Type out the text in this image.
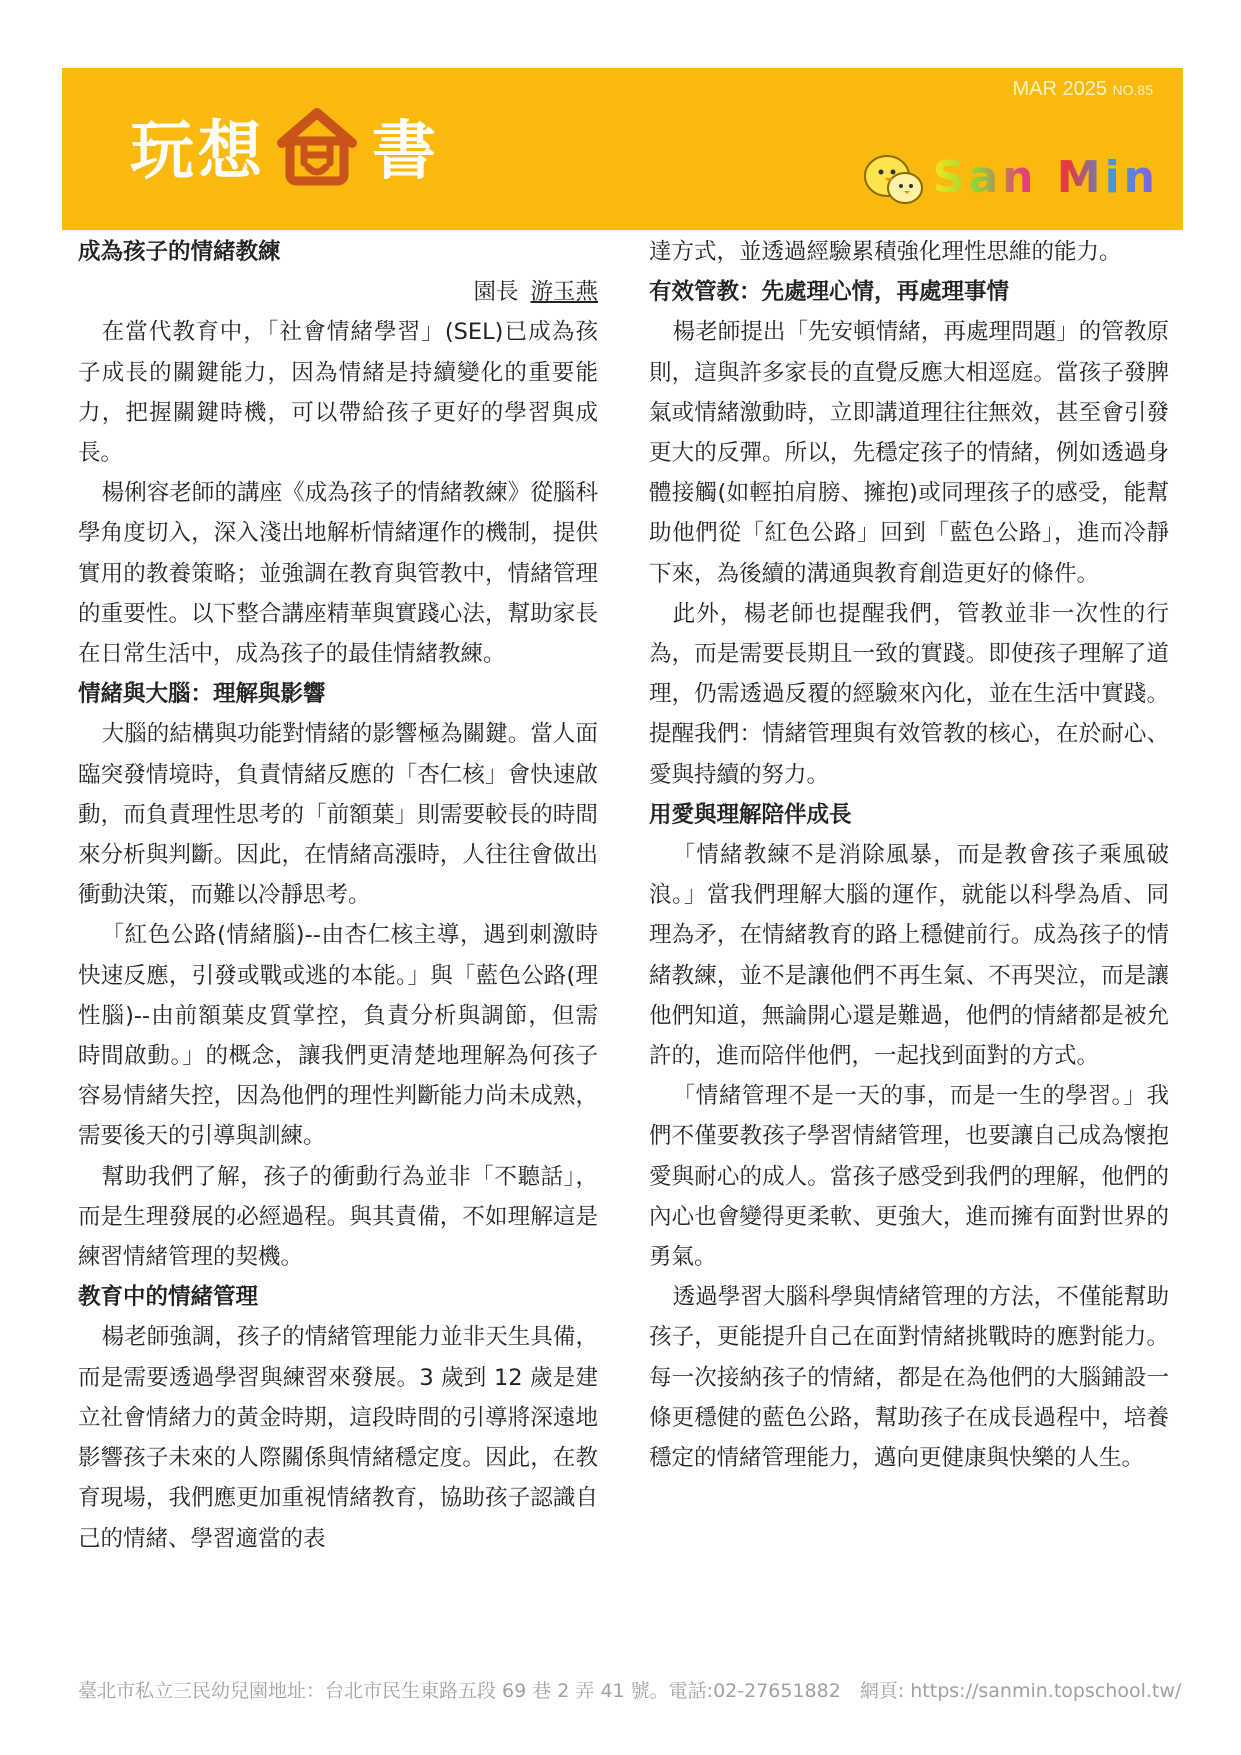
玩想 書
MAR 2025 NO.85
San Min
成為孩子的情緒教練
園長 游玉燕

在當代教育中，「社會情緒學習」(SEL)已成為孩子成長的關鍵能力，因為情緒是持續變化的重要能力，把握關鍵時機，可以帶給孩子更好的學習與成長。

楊俐容老師的講座《成為孩子的情緒教練》從腦科學角度切入，深入淺出地解析情緒運作的機制，提供實用的教養策略；並強調在教育與管教中，情緒管理的重要性。以下整合講座精華與實踐心法，幫助家長在日常生活中，成為孩子的最佳情緒教練。

情緒與大腦：理解與影響

大腦的結構與功能對情緒的影響極為關鍵。當人面臨突發情境時，負責情緒反應的「杏仁核」會快速啟動，而負責理性思考的「前額葉」則需要較長的時間來分析與判斷。因此，在情緒高漲時，人往往會做出衝動決策，而難以冷靜思考。

「紅色公路(情緒腦)--由杏仁核主導，遇到刺激時快速反應，引發或戰或逃的本能。」與「藍色公路(理性腦)--由前額葉皮質掌控，負責分析與調節，但需時間啟動。」的概念，讓我們更清楚地理解為何孩子容易情緒失控，因為他們的理性判斷能力尚未成熟，需要後天的引導與訓練。

幫助我們了解，孩子的衝動行為並非「不聽話」，而是生理發展的必經過程。與其責備，不如理解這是練習情緒管理的契機。

教育中的情緒管理

楊老師強調，孩子的情緒管理能力並非天生具備，而是需要透過學習與練習來發展。3 歲到 12 歲是建立社會情緒力的黃金時期，這段時間的引導將深遠地影響孩子未來的人際關係與情緒穩定度。因此，在教育現場，我們應更加重視情緒教育，協助孩子認識自己的情緒、學習適當的表

達方式，並透過經驗累積強化理性思維的能力。

有效管教：先處理心情，再處理事情

楊老師提出「先安頓情緒，再處理問題」的管教原則，這與許多家長的直覺反應大相逕庭。當孩子發脾氣或情緒激動時，立即講道理往往無效，甚至會引發更大的反彈。所以，先穩定孩子的情緒，例如透過身體接觸(如輕拍肩膀、擁抱)或同理孩子的感受，能幫助他們從「紅色公路」回到「藍色公路」，進而冷靜下來，為後續的溝通與教育創造更好的條件。

此外，楊老師也提醒我們，管教並非一次性的行為，而是需要長期且一致的實踐。即使孩子理解了道理，仍需透過反覆的經驗來內化，並在生活中實踐。提醒我們：情緒管理與有效管教的核心，在於耐心、愛與持續的努力。

用愛與理解陪伴成長

「情緒教練不是消除風暴，而是教會孩子乘風破浪。」當我們理解大腦的運作，就能以科學為盾、同理為矛，在情緒教育的路上穩健前行。成為孩子的情緒教練，並不是讓他們不再生氣、不再哭泣，而是讓他們知道，無論開心還是難過，他們的情緒都是被允許的，進而陪伴他們，一起找到面對的方式。

「情緒管理不是一天的事，而是一生的學習。」我們不僅要教孩子學習情緒管理，也要讓自己成為懷抱愛與耐心的成人。當孩子感受到我們的理解，他們的內心也會變得更柔軟、更強大，進而擁有面對世界的勇氣。

透過學習大腦科學與情緒管理的方法，不僅能幫助孩子，更能提升自己在面對情緒挑戰時的應對能力。每一次接納孩子的情緒，都是在為他們的大腦鋪設一條更穩健的藍色公路，幫助孩子在成長過程中，培養穩定的情緒管理能力，邁向更健康與快樂的人生。

臺北市私立三民幼兒園地址：台北市民生東路五段 69 巷 2 弄 41 號。電話:02-27651882　網頁: https://sanmin.topschool.tw/
